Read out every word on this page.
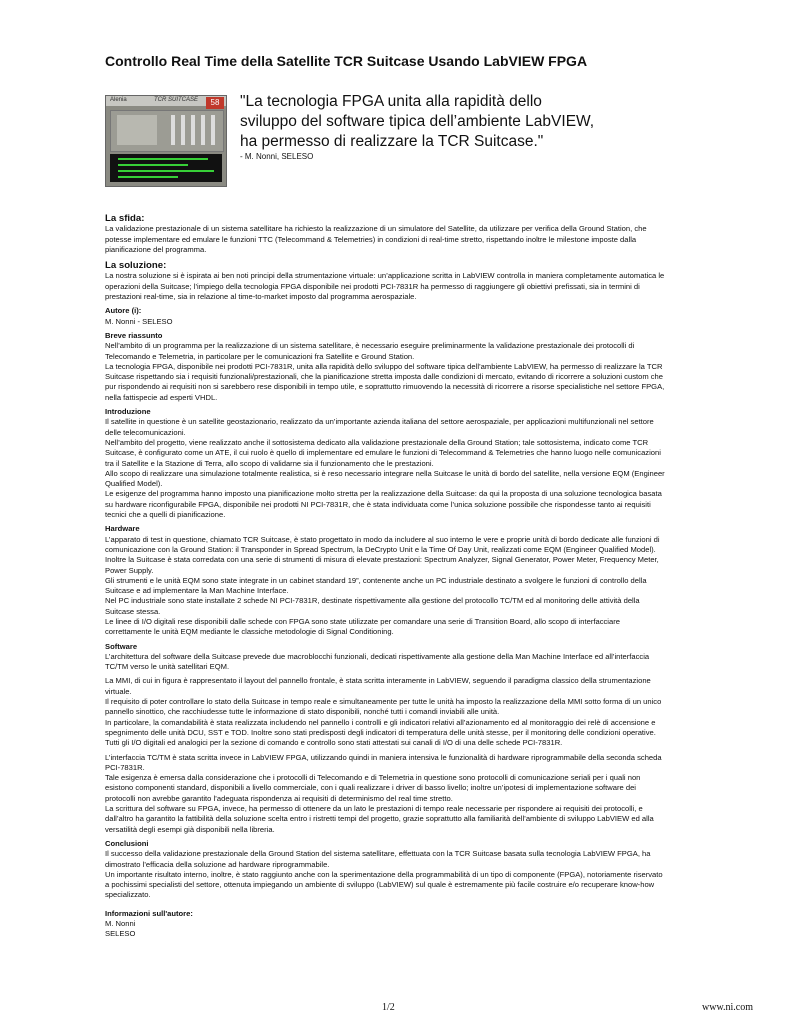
Controllo Real Time della Satellite TCR Suitcase Usando LabVIEW FPGA
Alenia	TCR SUITCASE	58 "La tecnologia FPGA unita alla rapidità dello
sviluppo del software tipica dell’ambiente LabVIEW,
ha permesso di realizzare la TCR Suitcase."
- M. Nonni, SELESO
La sfida:

La validazione prestazionale di un sistema satellitare ha richiesto la realizzazione di un simulatore del Satellite, da utilizzare per verifica della Ground Station, che potesse implementare ed emulare le funzioni TTC (Telecommand & Telemetries) in condizioni di real-time stretto, rispettando inoltre le milestone imposte dalla pianificazione del programma.

La soluzione:

La nostra soluzione si è ispirata ai ben noti principi della strumentazione virtuale: un’applicazione scritta in LabVIEW controlla in maniera completamente automatica le operazioni della Suitcase; l’impiego della tecnologia FPGA disponibile nei prodotti PCI-7831R ha permesso di raggiungere gli obiettivi prefissati, sia in termini di prestazioni real-time, sia in relazione al time-to-market imposto dal programma aerospaziale.

Autore (i):

M. Nonni - SELESO

Breve riassunto

Nell’ambito di un programma per la realizzazione di un sistema satellitare, è necessario eseguire preliminarmente la validazione prestazionale dei protocolli di Telecomando e Telemetria, in particolare per le comunicazioni fra Satellite e Ground Station.

La tecnologia FPGA, disponibile nei prodotti PCI-7831R, unita alla rapidità dello sviluppo del software tipica dell’ambiente LabVIEW, ha permesso di realizzare la TCR Suitcase rispettando sia i requisiti funzionali/prestazionali, che la pianificazione stretta imposta dalle condizioni di mercato, evitando di ricorrere a soluzioni custom che pur rispondendo ai requisiti non si sarebbero rese disponibili in tempo utile, e soprattutto rimuovendo la necessità di ricorrere a risorse specialistiche nel settore FPGA, nella fattispecie ad esperti VHDL.

Introduzione

Il satellite in questione è un satellite geostazionario, realizzato da un’importante azienda italiana del settore aerospaziale, per applicazioni multifunzionali nel settore delle telecomunicazioni.

Nell’ambito del progetto, viene realizzato anche il sottosistema dedicato alla validazione prestazionale della Ground Station; tale sottosistema, indicato come TCR Suitcase, è configurato come un ATE, il cui ruolo è quello di implementare ed emulare le funzioni di Telecommand & Telemetries che hanno luogo nelle comunicazioni tra il Satellite e la Stazione di Terra, allo scopo di validarne sia il funzionamento che le prestazioni.

Allo scopo di realizzare una simulazione totalmente realistica, si è reso necessario integrare nella Suitcase le unità di bordo del satellite, nella versione EQM (Engineer Qualified Model).

Le esigenze del programma hanno imposto una pianificazione molto stretta per la realizzazione della Suitcase: da qui la proposta di una soluzione tecnologica basata su hardware riconfigurabile FPGA, disponibile nei prodotti NI PCI-7831R, che è stata individuata come l’unica soluzione possibile che rispondesse tanto ai requisiti tecnici che a quelli di pianificazione.

Hardware

L’apparato di test in questione, chiamato TCR Suitcase, è stato progettato in modo da includere al suo interno le vere e proprie unità di bordo dedicate alle funzioni di comunicazione con la Ground Station: il Transponder in Spread Spectrum, la DeCrypto Unit e la Time Of Day Unit, realizzati come EQM (Engineer Qualified Model).

Inoltre la Suitcase è stata corredata con una serie di strumenti di misura di elevate prestazioni: Spectrum Analyzer, Signal Generator, Power Meter, Frequency Meter, Power Supply.

Gli strumenti e le unità EQM sono state integrate in un cabinet standard 19”, contenente anche un PC industriale destinato a svolgere le funzioni di controllo della Suitcase e ad implementare la Man Machine Interface.

Nel PC industriale sono state installate 2 schede NI PCI-7831R, destinate rispettivamente alla gestione del protocollo TC/TM ed al monitoring delle attività della Suitcase stessa.

Le linee di I/O digitali rese disponibili dalle schede con FPGA sono state utilizzate per comandare una serie di Transition Board, allo scopo di interfacciare correttamente le unità EQM mediante le classiche metodologie di Signal Conditioning.

Software

L’architettura del software della Suitcase prevede due macroblocchi funzionali, dedicati rispettivamente alla gestione della Man Machine Interface ed all’interfaccia TC/TM verso le unità satellitari EQM.

La MMI, di cui in figura è rappresentato il layout del pannello frontale, è stata scritta interamente in LabVIEW, seguendo il paradigma classico della strumentazione virtuale.

Il requisito di poter controllare lo stato della Suitcase in tempo reale e simultaneamente per tutte le unità ha imposto la realizzazione della MMI sotto forma di un unico pannello sinottico, che racchiudesse tutte le informazione di stato disponibili, nonché tutti i comandi inviabili alle unità.

In particolare, la comandabilità è stata realizzata includendo nel pannello i controlli e gli indicatori relativi all’azionamento ed al monitoraggio dei relè di accensione e spegnimento delle unità DCU, SST e TOD. Inoltre sono stati predisposti degli indicatori di temperatura delle unità stesse, per il monitoring delle condizioni operative.

Tutti gli I/O digitali ed analogici per la sezione di comando e controllo sono stati attestati sui canali di I/O di una delle schede PCI-7831R.

L’interfaccia TC/TM è stata scritta invece in LabVIEW FPGA, utilizzando quindi in maniera intensiva le funzionalità di hardware riprogrammabile della seconda scheda PCI-7831R.

Tale esigenza è emersa dalla considerazione che i protocolli di Telecomando e di Telemetria in questione sono protocolli di comunicazione seriali per i quali non esistono componenti standard, disponibili a livello commerciale, con i quali realizzare i driver di basso livello; inoltre un’ipotesi di implementazione software dei protocolli non avrebbe garantito l’adeguata rispondenza ai requisiti di determinismo del real time stretto.

La scrittura del software su FPGA, invece, ha permesso di ottenere da un lato le prestazioni di tempo reale necessarie per rispondere ai requisiti dei protocolli, e dall’altro ha garantito la fattibilità della soluzione scelta entro i ristretti tempi del progetto, grazie soprattutto alla familiarità dell’ambiente di sviluppo LabVIEW ed alla versatilità degli esempi già disponibili nella libreria.

Conclusioni

Il successo della validazione prestazionale della Ground Station del sistema satellitare, effettuata con la TCR Suitcase basata sulla tecnologia LabVIEW FPGA, ha dimostrato l’efficacia della soluzione ad hardware riprogrammabile.

Un importante risultato interno, inoltre, è stato raggiunto anche con la sperimentazione della programmabilità di un tipo di componente (FPGA), notoriamente riservato a pochissimi specialisti del settore, ottenuta impiegando un ambiente di sviluppo (LabVIEW) sul quale è estremamente più facile costruire e/o recuperare know-how specializzato.

Informazioni sull'autore:

M. Nonni

SELESO

1/2	www.ni.com
